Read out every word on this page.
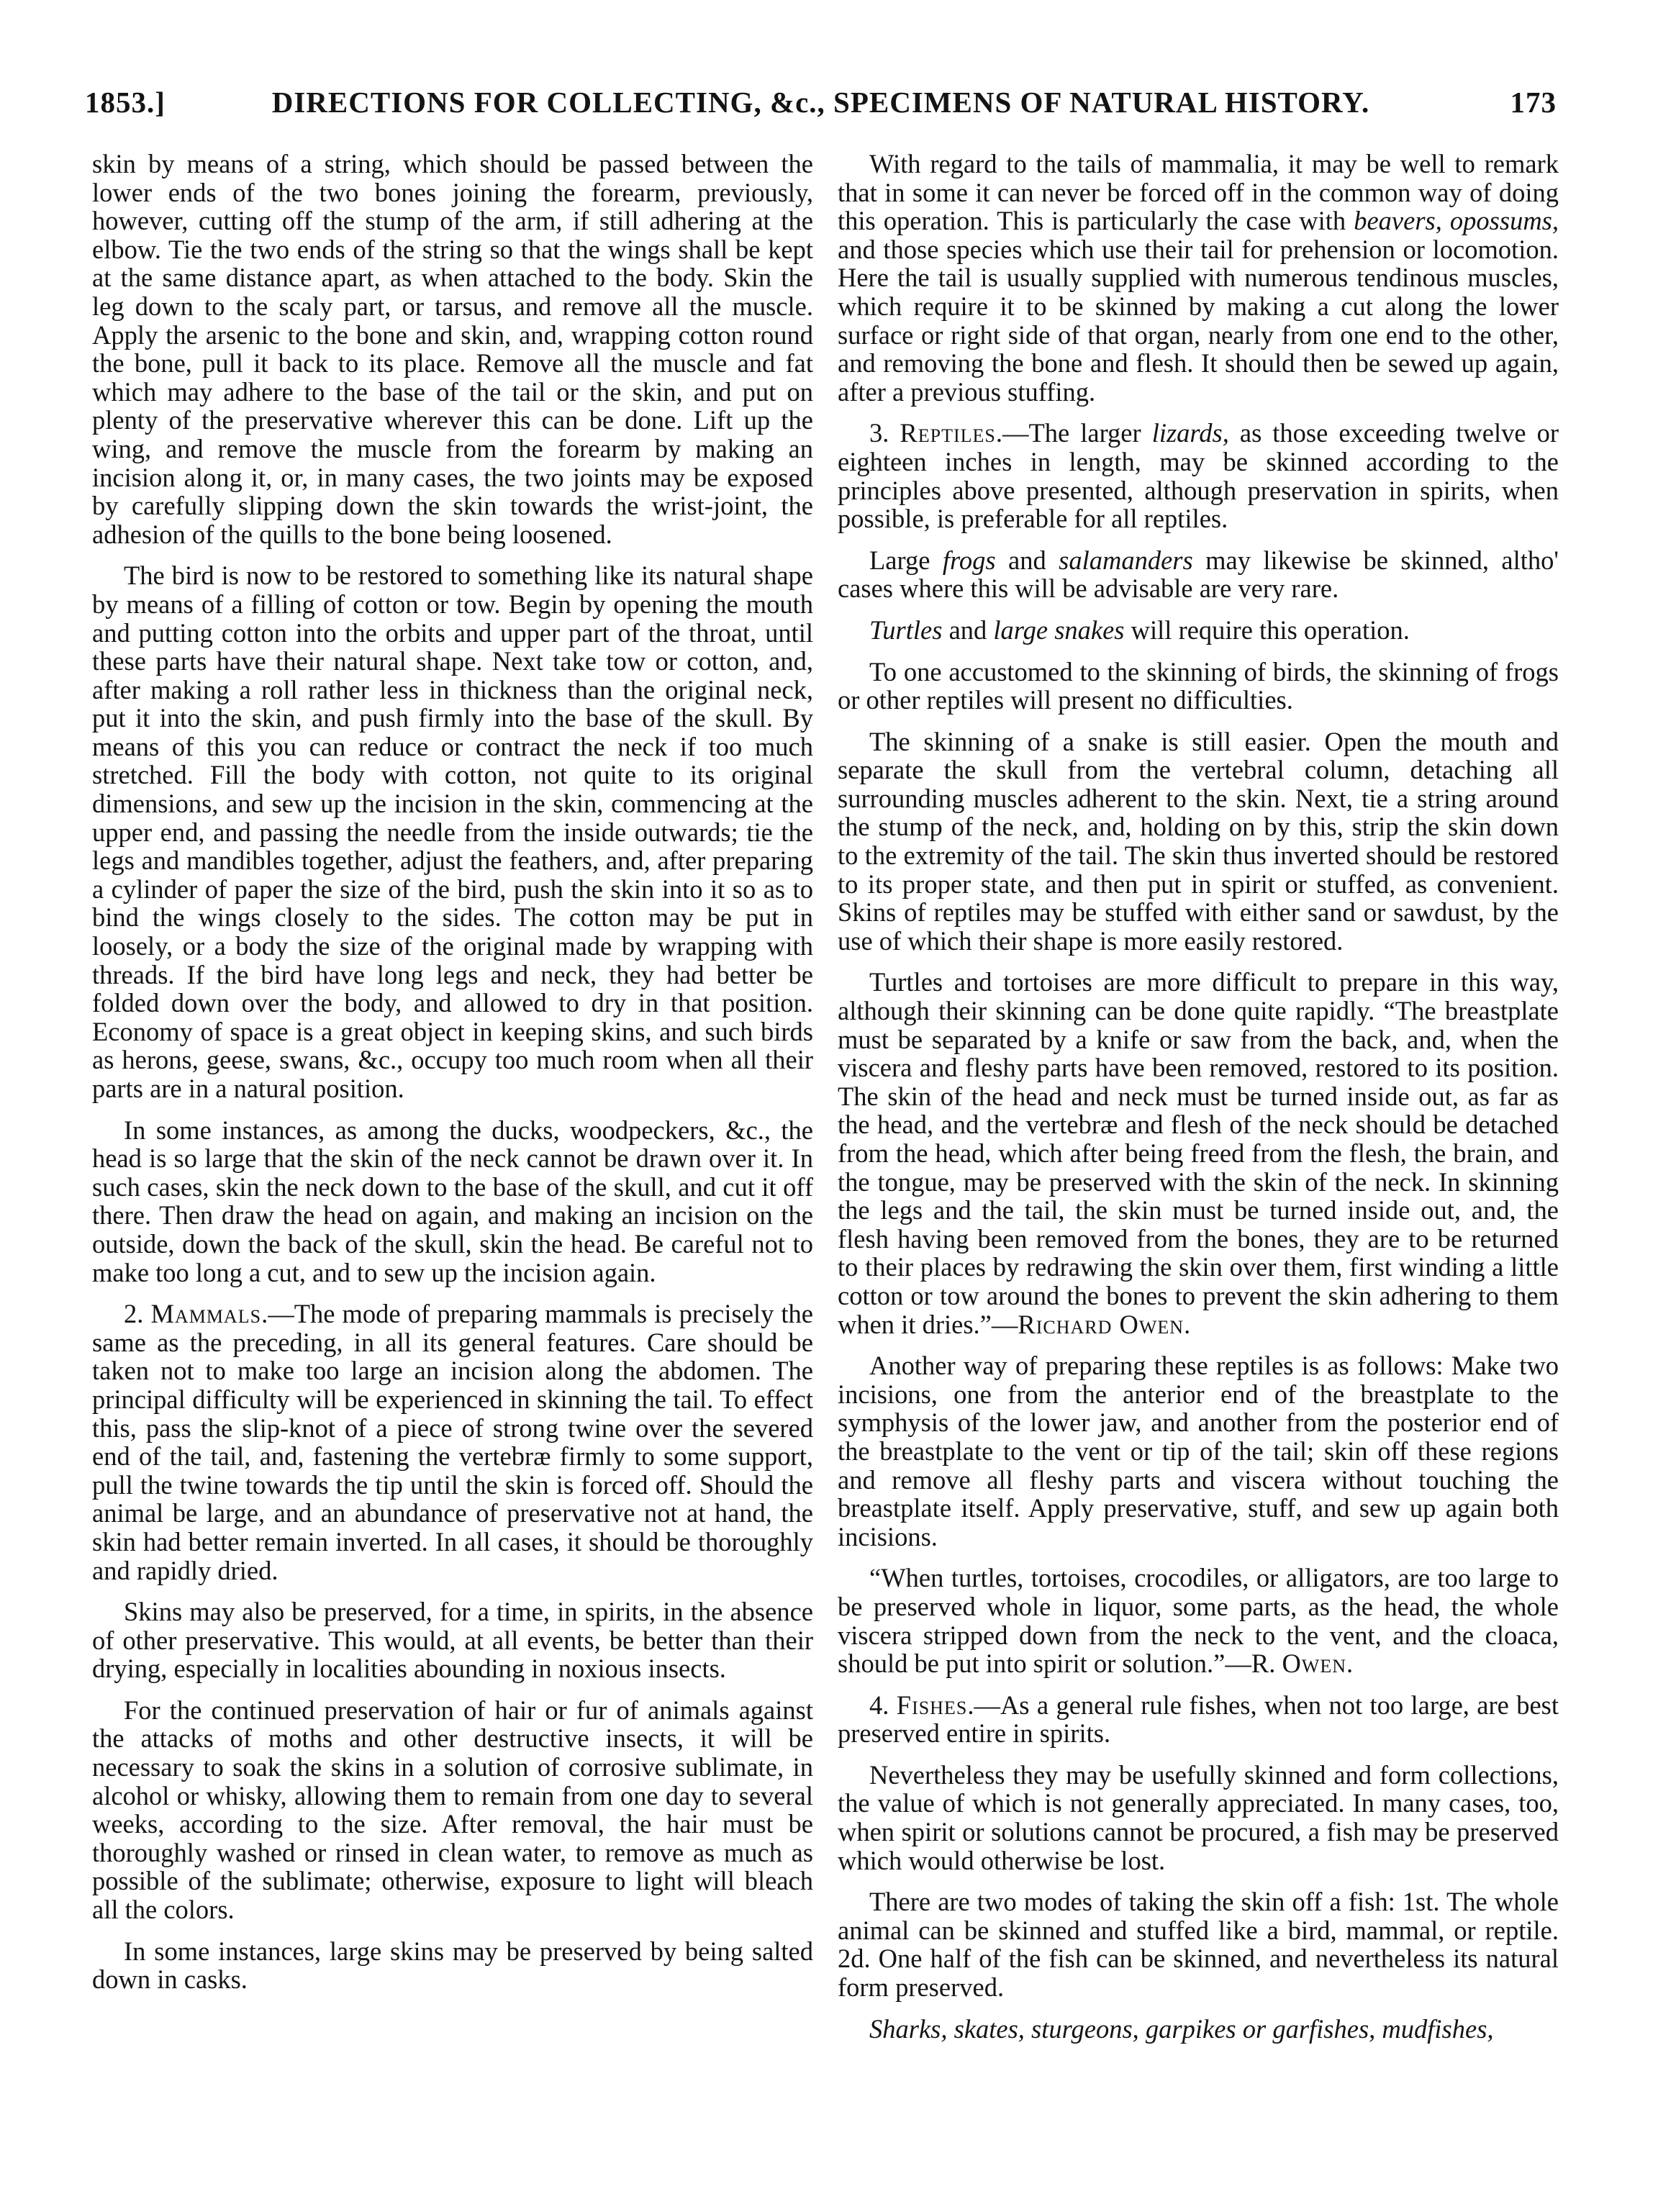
1853.]	DIRECTIONS FOR COLLECTING, &c., SPECIMENS OF NATURAL HISTORY.	173

skin by means of a string, which should be passed between the lower ends of the two bones joining the forearm, previously, however, cutting off the stump of the arm, if still adhering at the elbow. Tie the two ends of the string so that the wings shall be kept at the same distance apart, as when attached to the body. Skin the leg down to the scaly part, or tarsus, and remove all the muscle. Apply the arsenic to the bone and skin, and, wrapping cotton round the bone, pull it back to its place. Remove all the muscle and fat which may adhere to the base of the tail or the skin, and put on plenty of the preservative wherever this can be done. Lift up the wing, and remove the muscle from the forearm by making an incision along it, or, in many cases, the two joints may be exposed by carefully slipping down the skin towards the wrist-joint, the adhesion of the quills to the bone being loosened.

The bird is now to be restored to something like its natural shape by means of a filling of cotton or tow. Begin by opening the mouth and putting cotton into the orbits and upper part of the throat, until these parts have their natural shape. Next take tow or cotton, and, after making a roll rather less in thickness than the original neck, put it into the skin, and push firmly into the base of the skull. By means of this you can reduce or contract the neck if too much stretched. Fill the body with cotton, not quite to its original dimensions, and sew up the incision in the skin, commencing at the upper end, and passing the needle from the inside outwards; tie the legs and mandibles together, adjust the feathers, and, after preparing a cylinder of paper the size of the bird, push the skin into it so as to bind the wings closely to the sides. The cotton may be put in loosely, or a body the size of the original made by wrapping with threads. If the bird have long legs and neck, they had better be folded down over the body, and allowed to dry in that position. Economy of space is a great object in keeping skins, and such birds as herons, geese, swans, &c., occupy too much room when all their parts are in a natural position.

In some instances, as among the ducks, woodpeckers, &c., the head is so large that the skin of the neck cannot be drawn over it. In such cases, skin the neck down to the base of the skull, and cut it off there. Then draw the head on again, and making an incision on the outside, down the back of the skull, skin the head. Be careful not to make too long a cut, and to sew up the incision again.

2. Mammals.—The mode of preparing mammals is precisely the same as the preceding, in all its general features. Care should be taken not to make too large an incision along the abdomen. The principal difficulty will be experienced in skinning the tail. To effect this, pass the slip-knot of a piece of strong twine over the severed end of the tail, and, fastening the vertebræ firmly to some support, pull the twine towards the tip until the skin is forced off. Should the animal be large, and an abundance of preservative not at hand, the skin had better remain inverted. In all cases, it should be thoroughly and rapidly dried.

Skins may also be preserved, for a time, in spirits, in the absence of other preservative. This would, at all events, be better than their drying, especially in localities abounding in noxious insects.

For the continued preservation of hair or fur of animals against the attacks of moths and other destructive insects, it will be necessary to soak the skins in a solution of corrosive sublimate, in alcohol or whisky, allowing them to remain from one day to several weeks, according to the size. After removal, the hair must be thoroughly washed or rinsed in clean water, to remove as much as possible of the sublimate; otherwise, exposure to light will bleach all the colors.

In some instances, large skins may be preserved by being salted down in casks.

With regard to the tails of mammalia, it may be well to remark that in some it can never be forced off in the common way of doing this operation. This is particularly the case with beavers, opossums, and those species which use their tail for prehension or locomotion. Here the tail is usually supplied with numerous tendinous muscles, which require it to be skinned by making a cut along the lower surface or right side of that organ, nearly from one end to the other, and removing the bone and flesh. It should then be sewed up again, after a previous stuffing.

3. Reptiles.—The larger lizards, as those exceeding twelve or eighteen inches in length, may be skinned according to the principles above presented, although preservation in spirits, when possible, is preferable for all reptiles.

Large frogs and salamanders may likewise be skinned, altho' cases where this will be advisable are very rare.

Turtles and large snakes will require this operation.

To one accustomed to the skinning of birds, the skinning of frogs or other reptiles will present no difficulties.

The skinning of a snake is still easier. Open the mouth and separate the skull from the vertebral column, detaching all surrounding muscles adherent to the skin. Next, tie a string around the stump of the neck, and, holding on by this, strip the skin down to the extremity of the tail. The skin thus inverted should be restored to its proper state, and then put in spirit or stuffed, as convenient. Skins of reptiles may be stuffed with either sand or sawdust, by the use of which their shape is more easily restored.

Turtles and tortoises are more difficult to prepare in this way, although their skinning can be done quite rapidly. “The breastplate must be separated by a knife or saw from the back, and, when the viscera and fleshy parts have been removed, restored to its position. The skin of the head and neck must be turned inside out, as far as the head, and the vertebræ and flesh of the neck should be detached from the head, which after being freed from the flesh, the brain, and the tongue, may be preserved with the skin of the neck. In skinning the legs and the tail, the skin must be turned inside out, and, the flesh having been removed from the bones, they are to be returned to their places by redrawing the skin over them, first winding a little cotton or tow around the bones to prevent the skin adhering to them when it dries.”—Richard Owen.

Another way of preparing these reptiles is as follows: Make two incisions, one from the anterior end of the breastplate to the symphysis of the lower jaw, and another from the posterior end of the breastplate to the vent or tip of the tail; skin off these regions and remove all fleshy parts and viscera without touching the breastplate itself. Apply preservative, stuff, and sew up again both incisions.

“When turtles, tortoises, crocodiles, or alligators, are too large to be preserved whole in liquor, some parts, as the head, the whole viscera stripped down from the neck to the vent, and the cloaca, should be put into spirit or solution.”—R. Owen.

4. Fishes.—As a general rule fishes, when not too large, are best preserved entire in spirits.

Nevertheless they may be usefully skinned and form collections, the value of which is not generally appreciated. In many cases, too, when spirit or solutions cannot be procured, a fish may be preserved which would otherwise be lost.

There are two modes of taking the skin off a fish: 1st. The whole animal can be skinned and stuffed like a bird, mammal, or reptile. 2d. One half of the fish can be skinned, and nevertheless its natural form preserved.

Sharks, skates, sturgeons, garpikes or garfishes, mudfishes,
